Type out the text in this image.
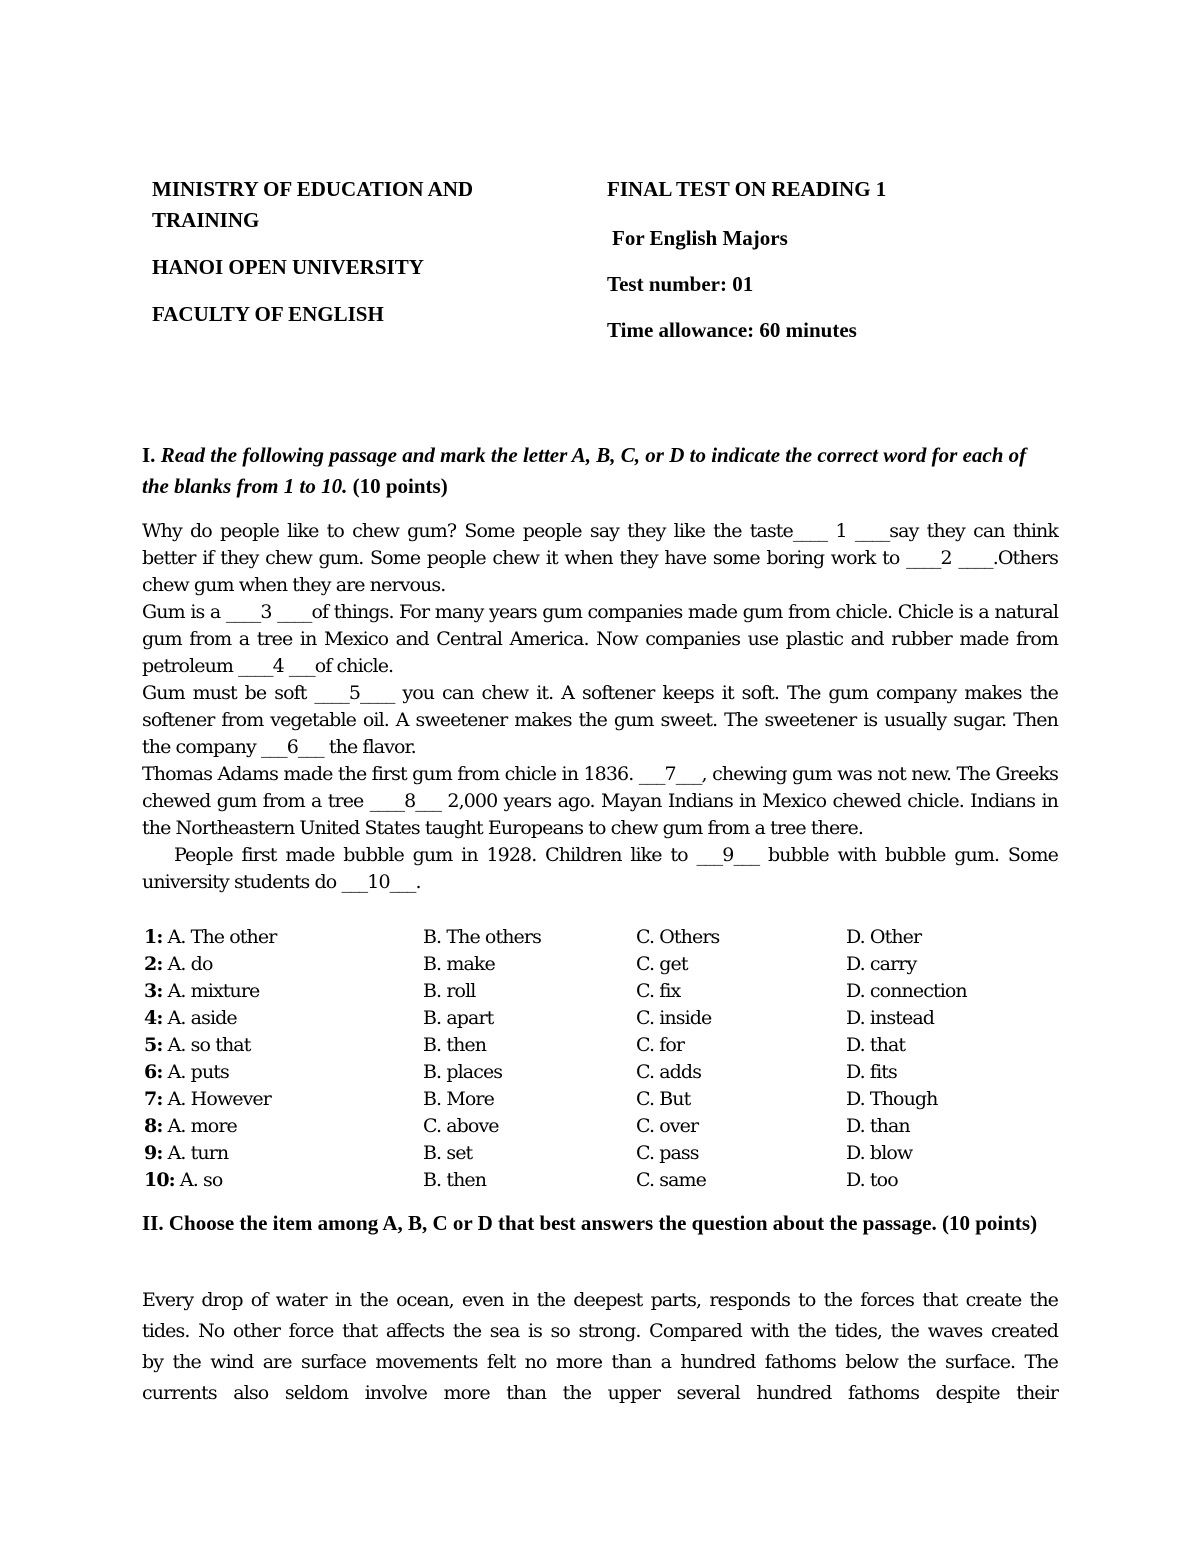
MINISTRY OF EDUCATION AND
TRAINING
HANOI OPEN UNIVERSITY
FACULTY OF ENGLISH
FINAL TEST ON READING 1
For English Majors
Test number: 01
Time allowance: 60 minutes
I. Read the following passage and mark the letter A, B, C, or D to indicate the correct word for each of the blanks from 1 to 10. (10 points)

Why do people like to chew gum? Some people say they like the taste____ 1 ____say they can think better if they chew gum. Some people chew it when they have some boring work to ____2 ____.Others chew gum when they are nervous.

Gum is a ____3 ____of things. For many years gum companies made gum from chicle. Chicle is a natural gum from a tree in Mexico and Central America. Now companies use plastic and rubber made from petroleum ____4 ___of chicle.

Gum must be soft ____5____ you can chew it. A softener keeps it soft. The gum company makes the softener from vegetable oil. A sweetener makes the gum sweet. The sweetener is usually sugar. Then the company ___6___ the flavor.

Thomas Adams made the first gum from chicle in 1836. ___7___, chewing gum was not new. The Greeks chewed gum from a tree ____8___ 2,000 years ago. Mayan Indians in Mexico chewed chicle. Indians in the Northeastern United States taught Europeans to chew gum from a tree there.

People first made bubble gum in 1928. Children like to ___9___ bubble with bubble gum. Some university students do ___10___.

1: A. The other	B. The others	C. Others	D. Other
2: A. do	B. make	C. get	D. carry
3: A. mixture	B. roll	C. fix	D. connection
4: A. aside	B. apart	C. inside	D. instead
5: A. so that	B. then	C. for	D. that
6: A. puts	B. places	C. adds	D. fits
7: A. However	B. More	C. But	D. Though
8: A. more	C. above	C. over	D. than
9: A. turn	B. set	C. pass	D. blow
10: A. so	B. then	C. same	D. too
II. Choose the item among A, B, C or D that best answers the question about the passage. (10 points)
Every drop of water in the ocean, even in the deepest parts, responds to the forces that create the
tides. No other force that affects the sea is so strong. Compared with the tides, the waves created
by the wind are surface movements felt no more than a hundred fathoms below the surface. The
currents also seldom involve more than the upper several hundred fathoms despite their
